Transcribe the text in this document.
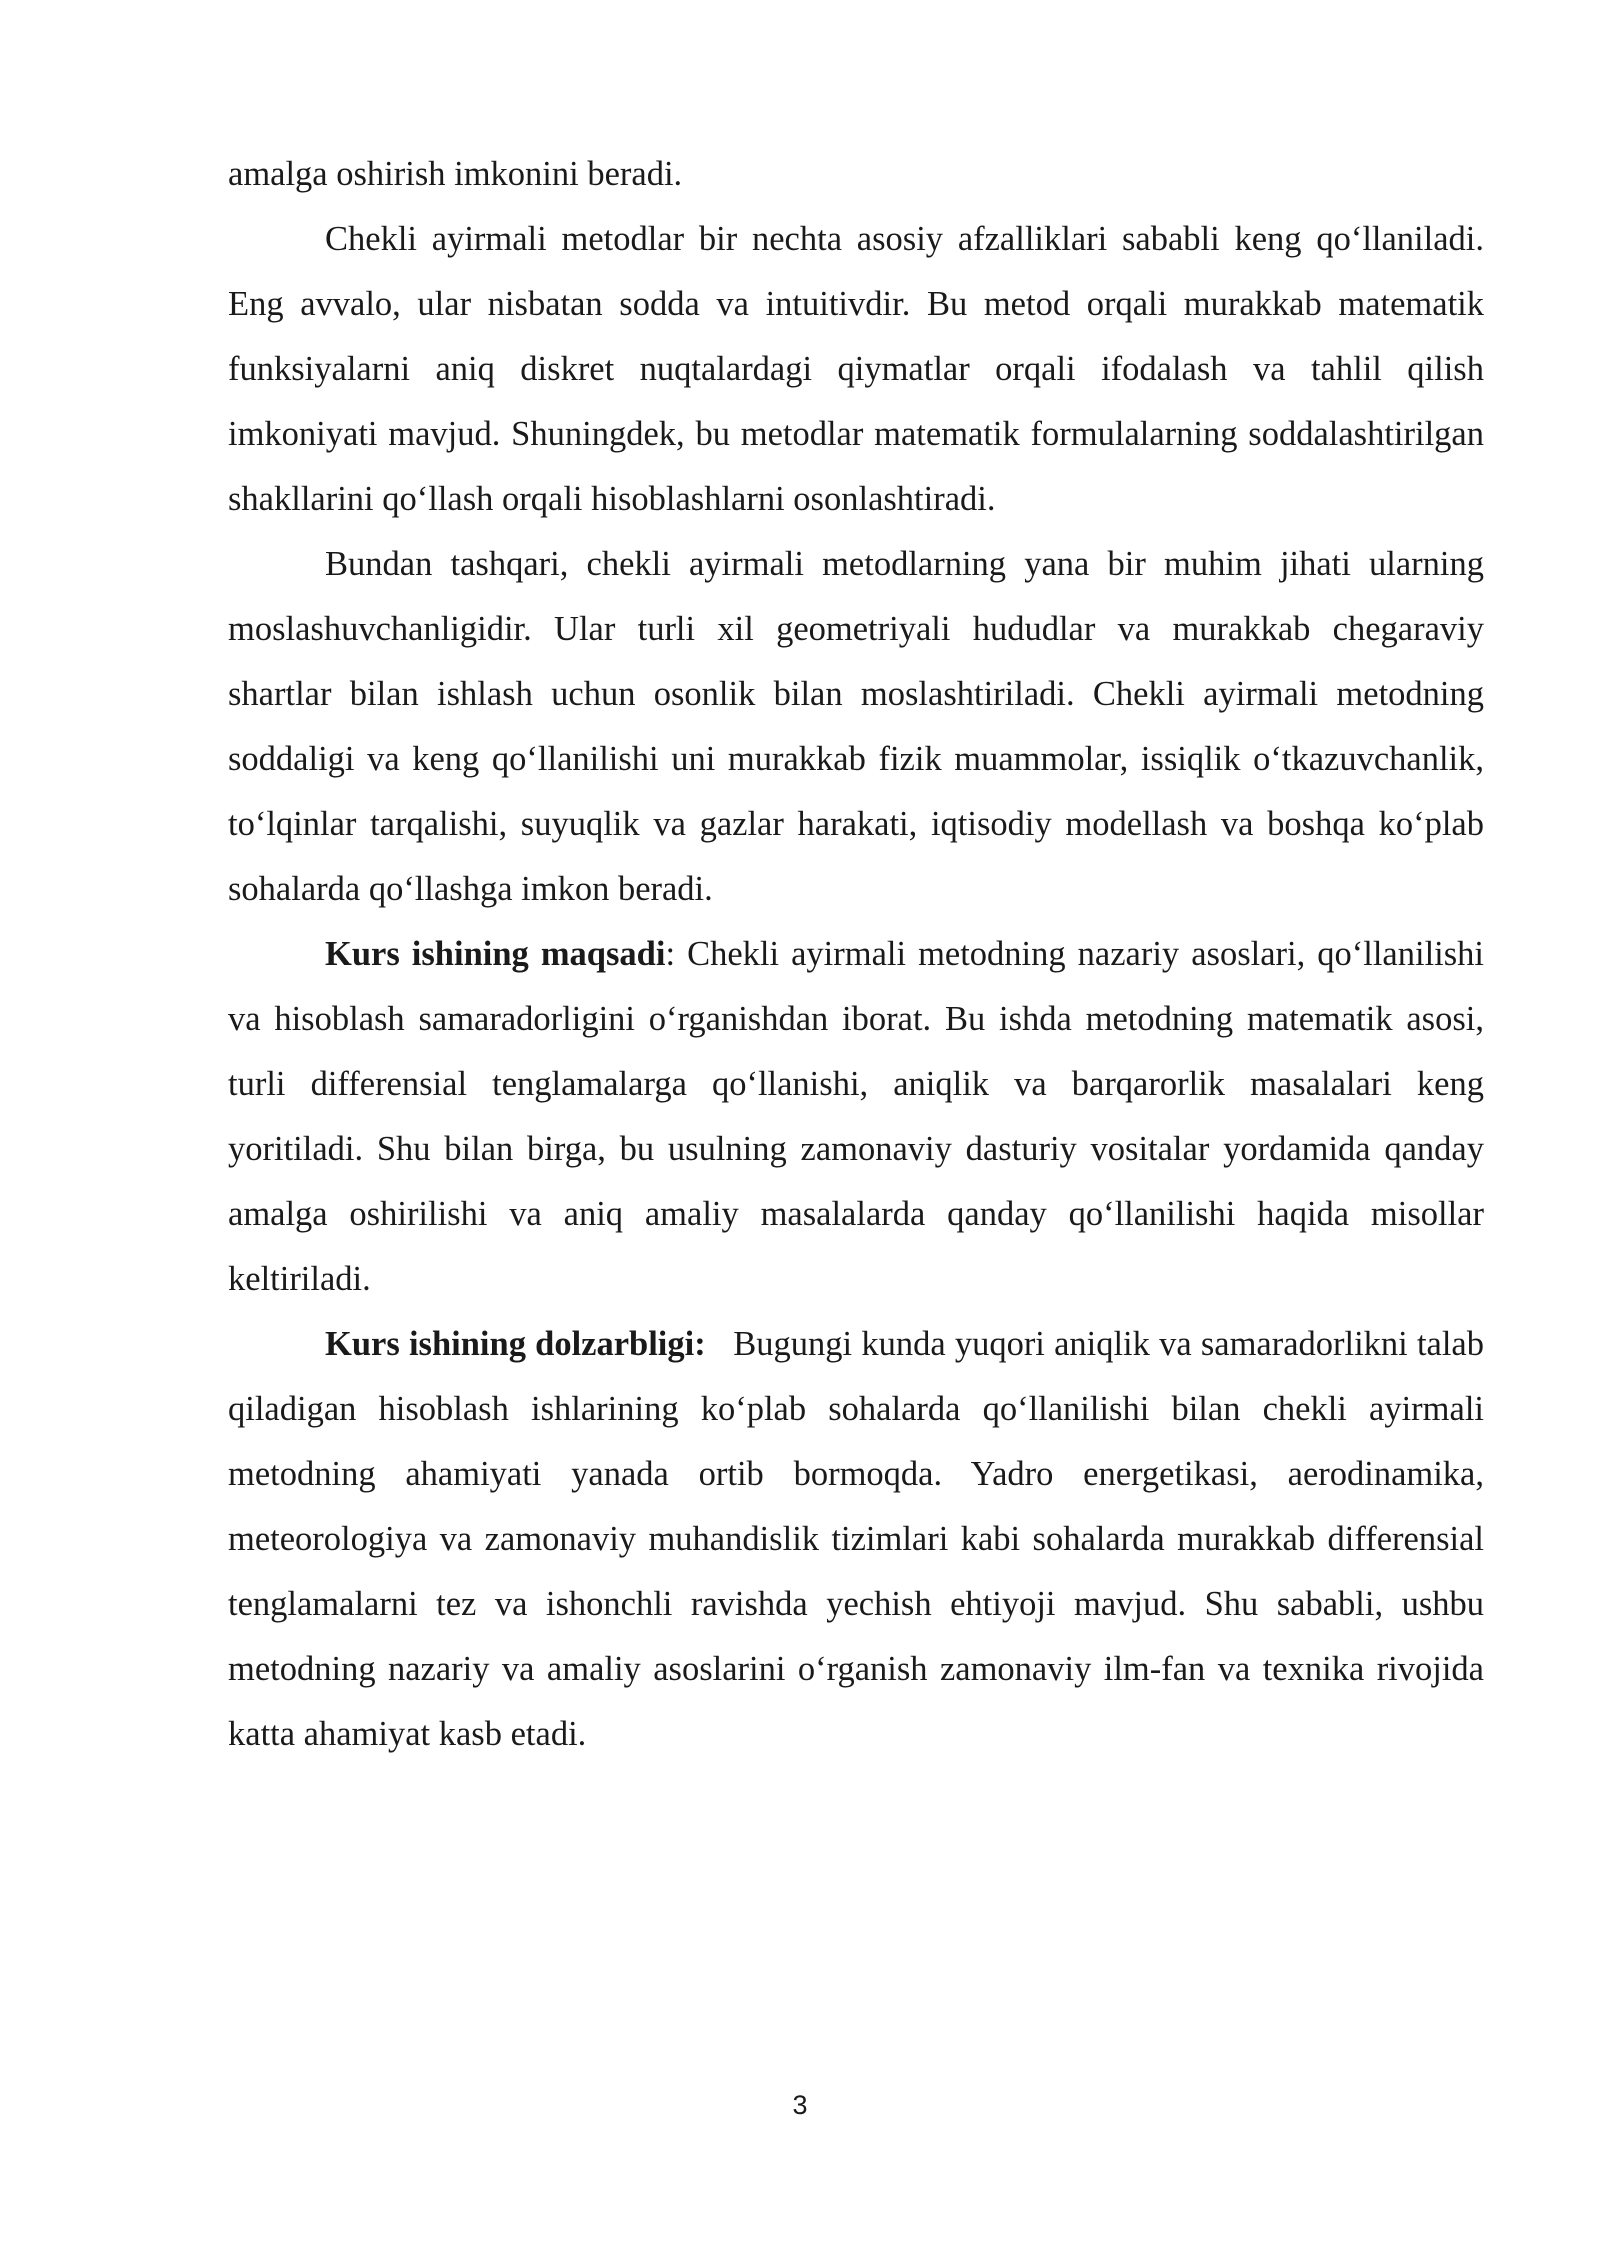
amalga oshirish imkonini beradi.

Chekli ayirmali metodlar bir nechta asosiy afzalliklari sababli keng qo‘llaniladi. Eng avvalo, ular nisbatan sodda va intuitivdir. Bu metod orqali murakkab matematik funksiyalarni aniq diskret nuqtalardagi qiymatlar orqali ifodalash va tahlil qilish imkoniyati mavjud. Shuningdek, bu metodlar matematik formulalarning soddalashtirilgan shakllarini qo‘llash orqali hisoblashlarni osonlashtiradi.

Bundan tashqari, chekli ayirmali metodlarning yana bir muhim jihati ularning moslashuvchanligidir. Ular turli xil geometriyali hududlar va murakkab chegaraviy shartlar bilan ishlash uchun osonlik bilan moslashtiriladi. Chekli ayirmali metodning soddaligi va keng qo‘llanilishi uni murakkab fizik muammolar, issiqlik o‘tkazuvchanlik, to‘lqinlar tarqalishi, suyuqlik va gazlar harakati, iqtisodiy modellash va boshqa ko‘plab sohalarda qo‘llashga imkon beradi.

Kurs ishining maqsadi: Chekli ayirmali metodning nazariy asoslari, qo‘llanilishi va hisoblash samaradorligini o‘rganishdan iborat. Bu ishda metodning matematik asosi, turli differensial tenglamalarga qo‘llanishi, aniqlik va barqarorlik masalalari keng yoritiladi. Shu bilan birga, bu usulning zamonaviy dasturiy vositalar yordamida qanday amalga oshirilishi va aniq amaliy masalalarda qanday qo‘llanilishi haqida misollar keltiriladi.

Kurs ishining dolzarbligi:   Bugungi kunda yuqori aniqlik va samaradorlikni talab qiladigan hisoblash ishlarining ko‘plab sohalarda qo‘llanilishi bilan chekli ayirmali metodning ahamiyati yanada ortib bormoqda. Yadro energetikasi, aerodinamika, meteorologiya va zamonaviy muhandislik tizimlari kabi sohalarda murakkab differensial tenglamalarni tez va ishonchli ravishda yechish ehtiyoji mavjud. Shu sababli, ushbu metodning nazariy va amaliy asoslarini o‘rganish zamonaviy ilm-fan va texnika rivojida katta ahamiyat kasb etadi.

3
